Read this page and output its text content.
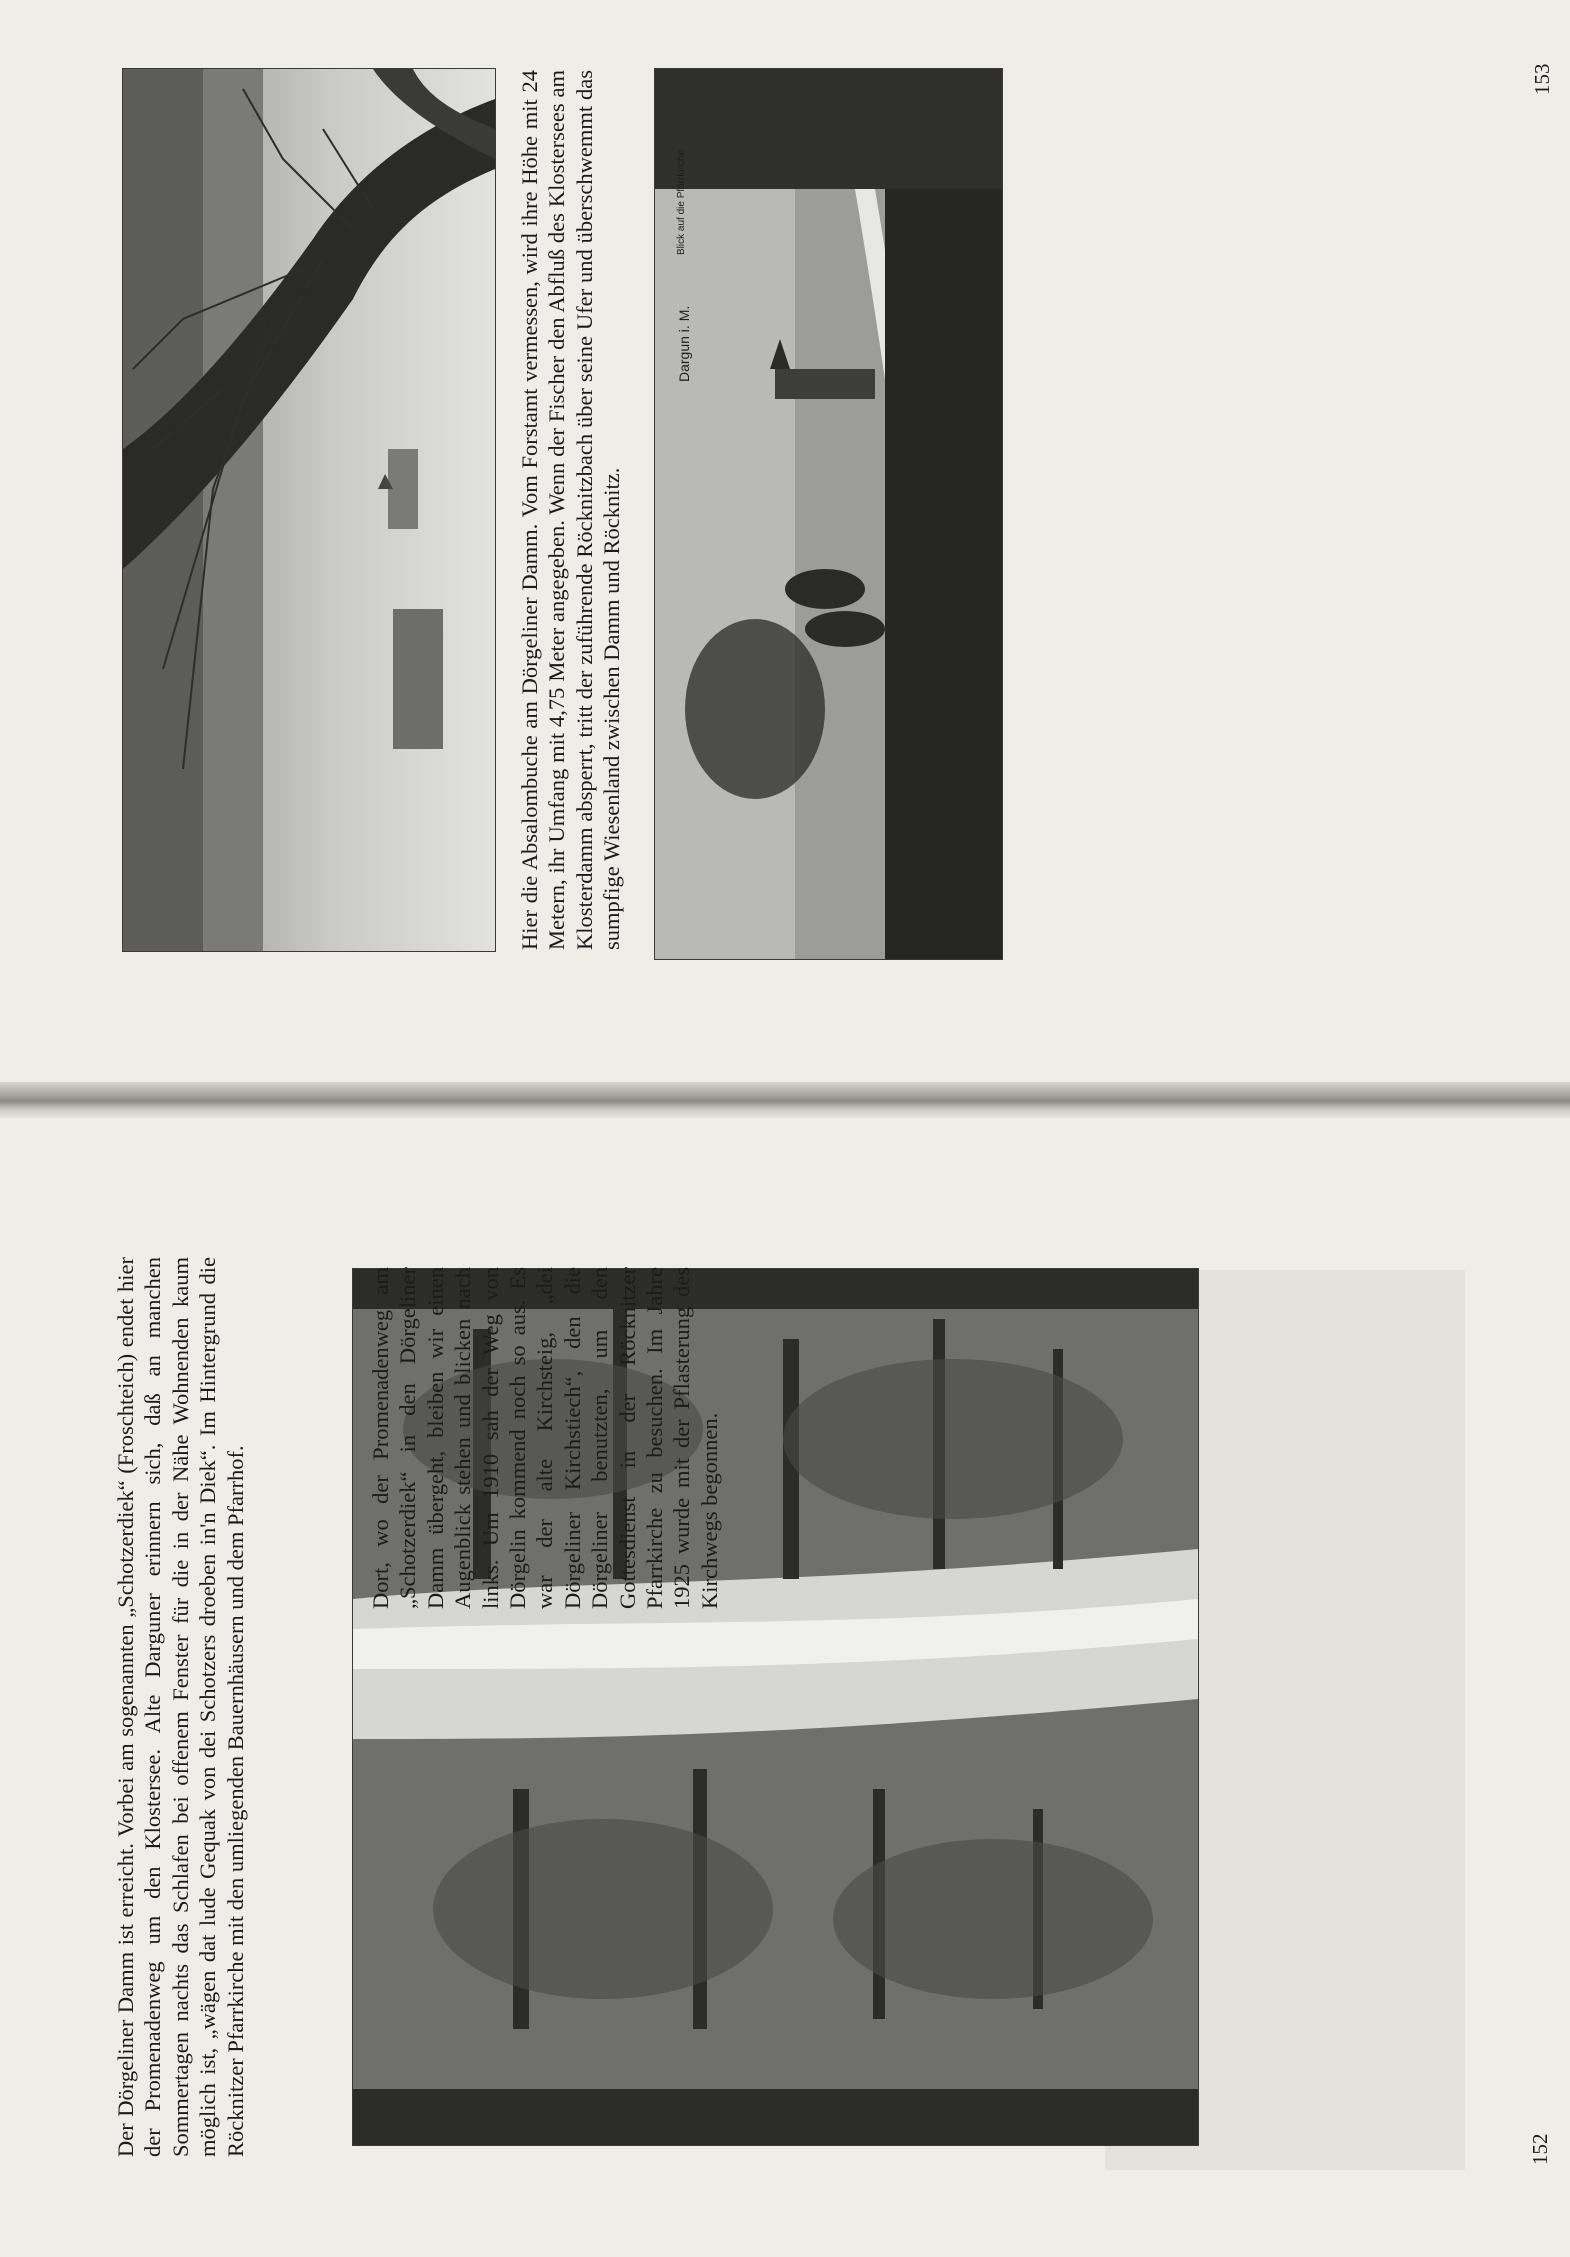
153

Hier die Absalombuche am Dörgeliner Damm. Vom Forstamt vermessen, wird ihre Höhe mit 24 Metern, ihr Umfang mit 4,75 Meter angegeben. Wenn der Fischer den Abfluß des Klostersees am Klosterdamm absperrt, tritt der zuführende Röcknitzbach über seine Ufer und überschwemmt das sumpfige Wiesenland zwischen Damm und Röcknitz.

Dargun i. M.
Blick auf die Pfarrkirche.

Der Dörgeliner Damm ist erreicht. Vorbei am sogenannten „Schotzerdiek“ (Froschteich) endet hier der Promenadenweg um den Klostersee. Alte Darguner erinnern sich, daß an manchen Sommertagen nachts das Schlafen bei offenem Fenster für die in der Nähe Wohnenden kaum möglich ist, „wägen dat lude Gequak von dei Schotzers droeben in'n Diek“. Im Hintergrund die Röcknitzer Pfarrkirche mit den umliegenden Bauernhäusern und dem Pfarrhof.

Dort, wo der Promenadenweg am „Schotzerdiek“ in den Dörgeliner Damm übergeht, bleiben wir einen Augenblick stehen und blicken nach links. Um 1910 sah der Weg von Dörgelin kommend noch so aus. Es war der alte Kirchsteig, „dei Dörgeliner Kirchstiech“, den die Dörgeliner benutzten, um den Gottesdienst in der Röcknitzer Pfarrkirche zu besuchen. Im Jahre 1925 wurde mit der Pflasterung des Kirchwegs begonnen.

152
